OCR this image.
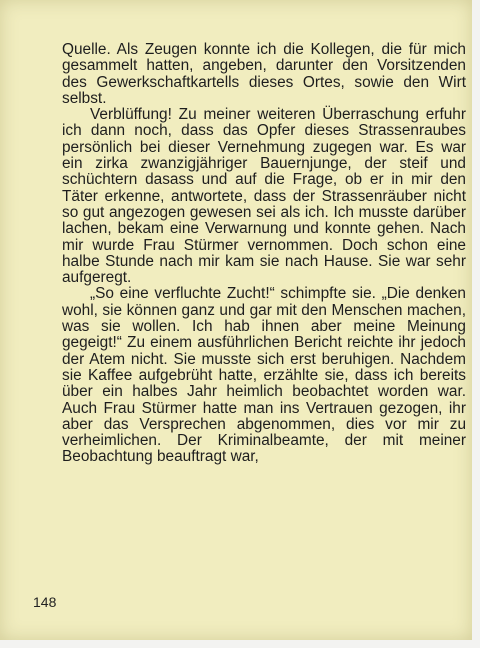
Quelle. Als Zeugen konnte ich die Kollegen, die für mich gesammelt hatten, angeben, darunter den Vorsitzenden des Gewerkschaftkartells dieses Ortes, sowie den Wirt selbst.

Verblüffung! Zu meiner weiteren Überraschung erfuhr ich dann noch, dass das Opfer dieses Strassenraubes persönlich bei dieser Vernehmung zugegen war. Es war ein zirka zwanzigjähriger Bauernjunge, der steif und schüchtern dasass und auf die Frage, ob er in mir den Täter erkenne, antwortete, dass der Strassenräuber nicht so gut angezogen gewesen sei als ich. Ich musste darüber lachen, bekam eine Verwarnung und konnte gehen. Nach mir wurde Frau Stürmer vernommen. Doch schon eine halbe Stunde nach mir kam sie nach Hause. Sie war sehr aufgeregt.

„So eine verfluchte Zucht!“ schimpfte sie. „Die denken wohl, sie können ganz und gar mit den Menschen machen, was sie wollen. Ich hab ihnen aber meine Meinung gegeigt!“ Zu einem ausführlichen Bericht reichte ihr jedoch der Atem nicht. Sie musste sich erst beruhigen. Nachdem sie Kaffee aufgebrüht hatte, erzählte sie, dass ich bereits über ein halbes Jahr heimlich beobachtet worden war. Auch Frau Stürmer hatte man ins Vertrauen gezogen, ihr aber das Versprechen abgenommen, dies vor mir zu verheimlichen. Der Kriminalbeamte, der mit meiner Beobachtung beauftragt war,

148
